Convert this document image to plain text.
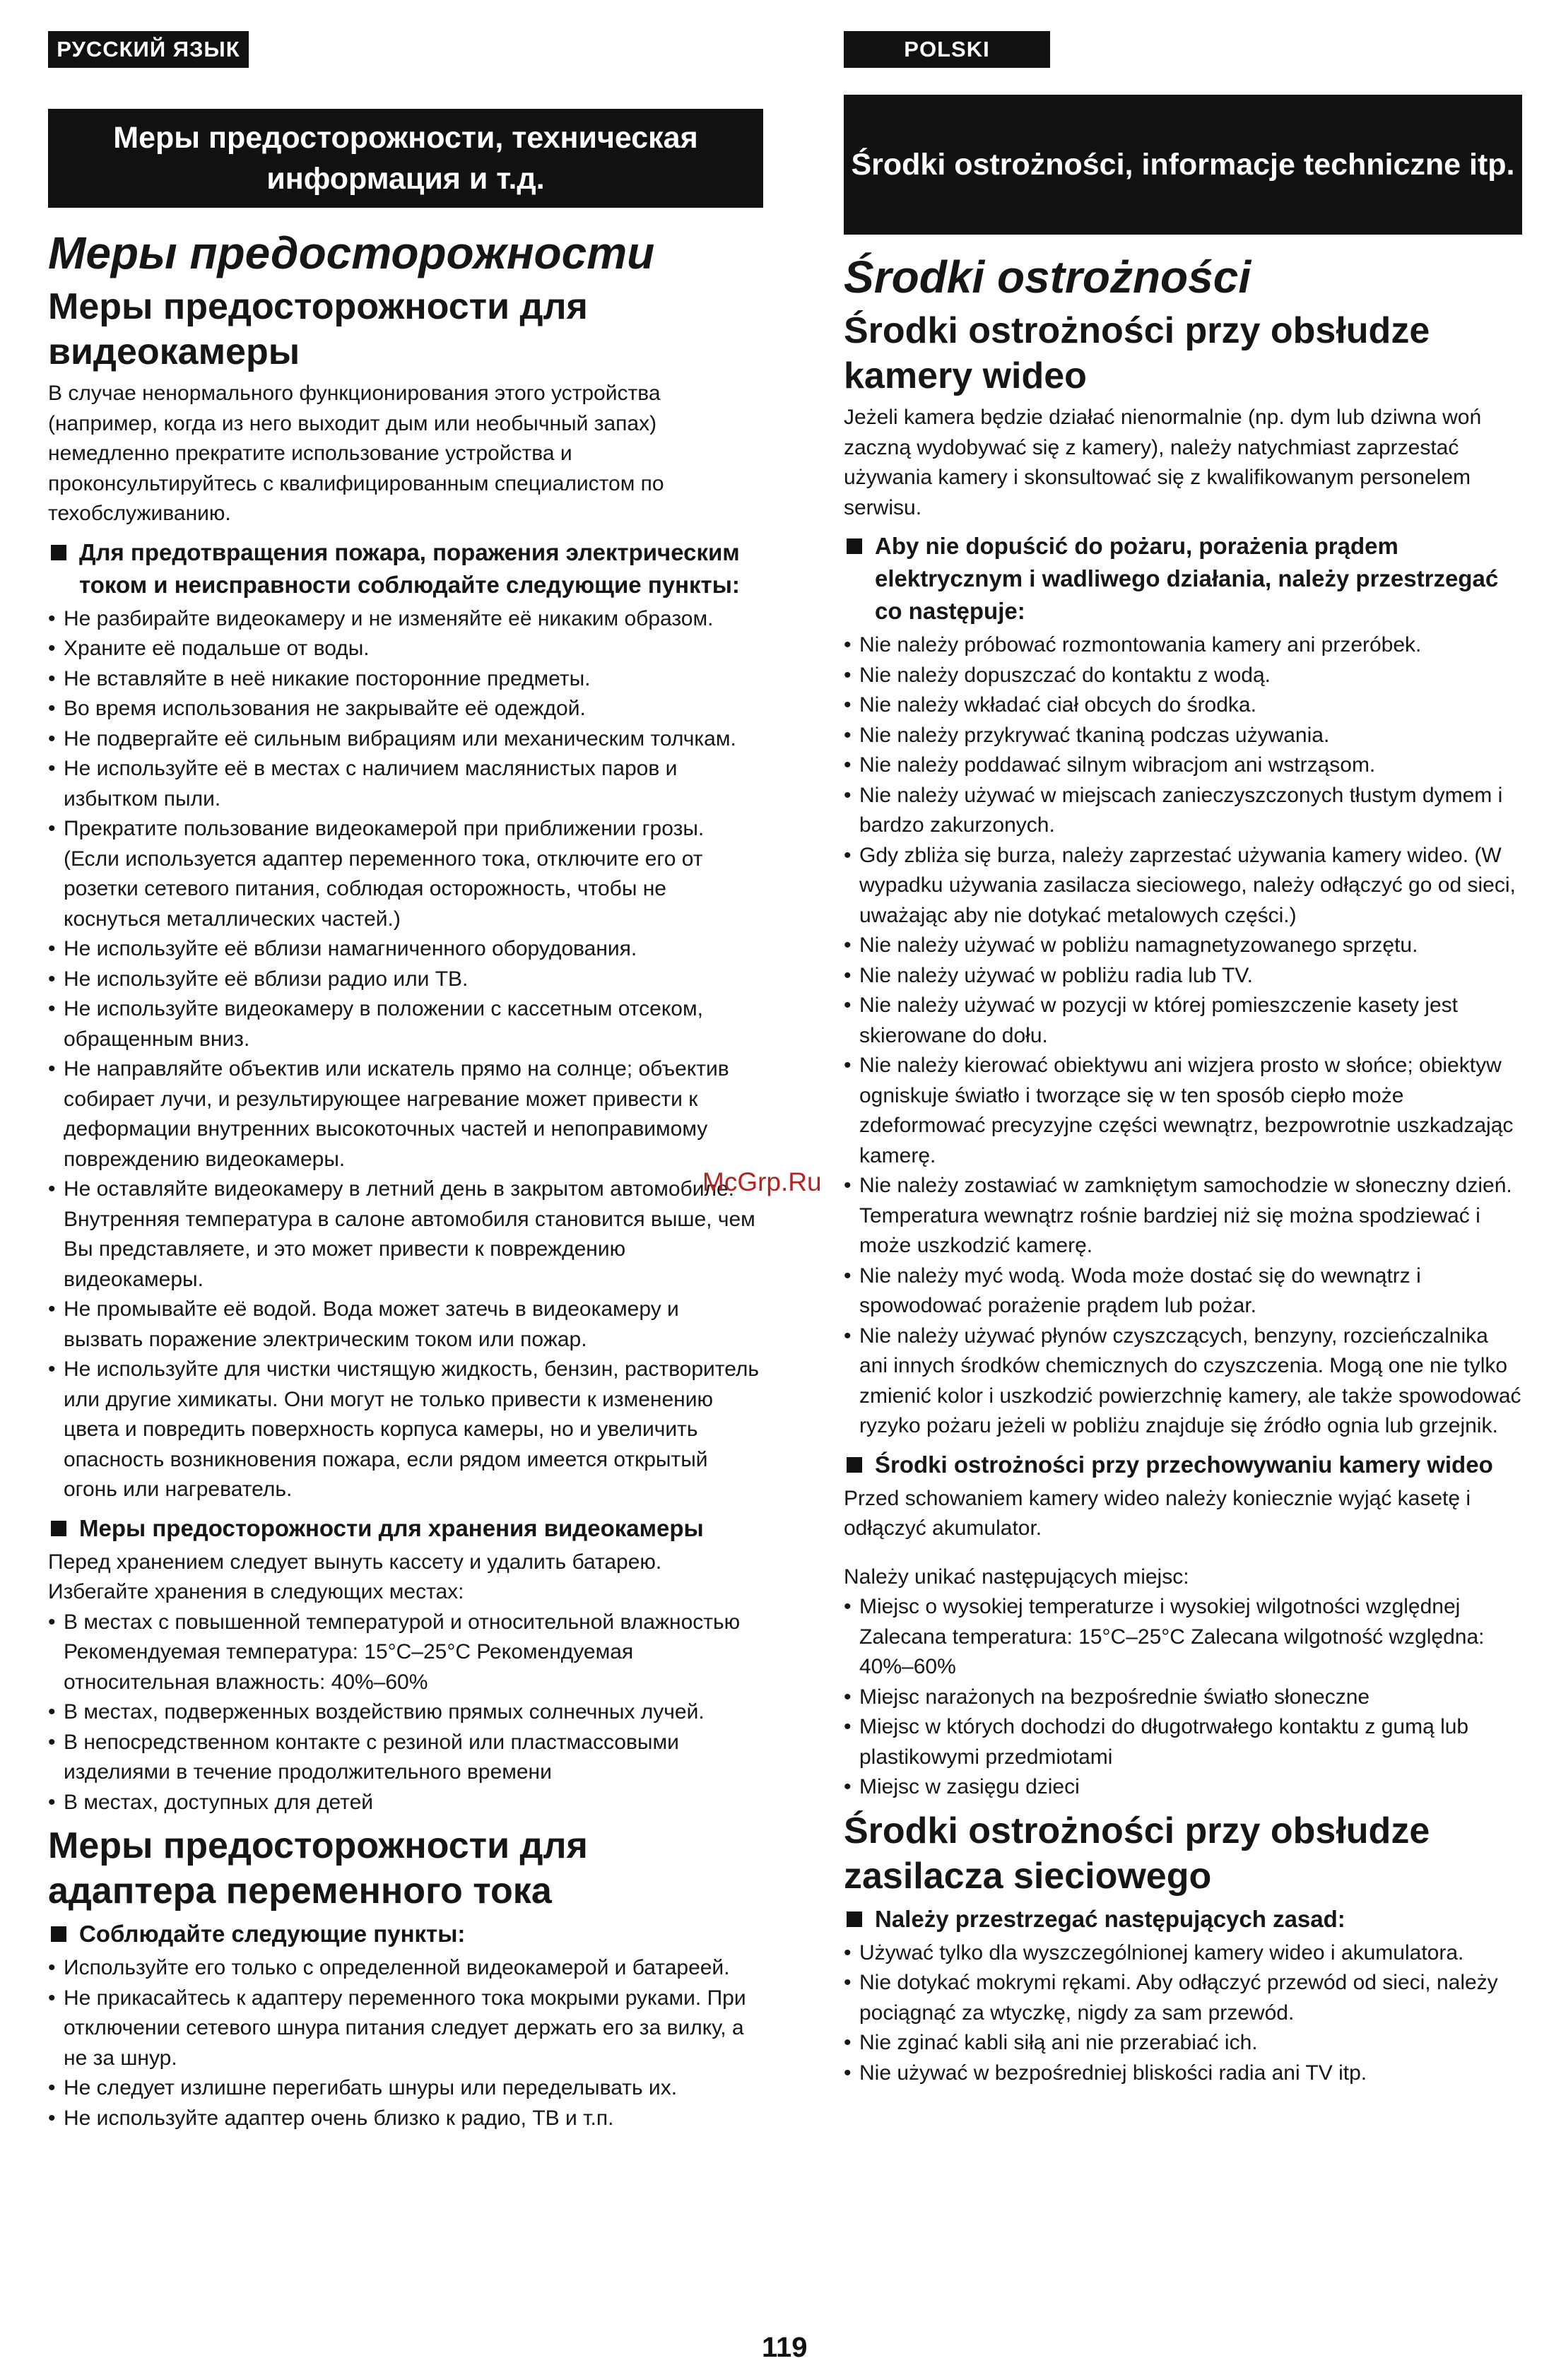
РУССКИЙ ЯЗЫК
Меры предосторожности, техническая информация и т.д.
Меры предосторожности
Меры предосторожности для видеокамеры

В случае ненормального функционирования этого устройства (например, когда из него выходит дым или необычный запах) немедленно прекратите использование устройства и проконсультируйтесь с квалифицированным специалистом по техобслуживанию.

Для предотвращения пожара, поражения электрическим током и неисправности соблюдайте следующие пункты:
• Не разбирайте видеокамеру и не изменяйте её никаким образом.
• Храните её подальше от воды.
• Не вставляйте в неё никакие посторонние предметы.
• Во время использования не закрывайте её одеждой.
• Не подвергайте её сильным вибрациям или механическим толчкам.
• Не используйте её в местах с наличием маслянистых паров и избытком пыли.
• Прекратите пользование видеокамерой при приближении грозы. (Если используется адаптер переменного тока, отключите его от розетки сетевого питания, соблюдая осторожность, чтобы не коснуться металлических частей.)
• Не используйте её вблизи намагниченного оборудования.
• Не используйте её вблизи радио или ТВ.
• Не используйте видеокамеру в положении с кассетным отсеком, обращенным вниз.
• Не направляйте объектив или искатель прямо на солнце; объектив собирает лучи, и результирующее нагревание может привести к деформации внутренних высокоточных частей и непоправимому повреждению видеокамеры.
• Не оставляйте видеокамеру в летний день в закрытом автомобиле. Внутренняя температура в салоне автомобиля становится выше, чем Вы представляете, и это может привести к повреждению видеокамеры.
• Не промывайте её водой. Вода может затечь в видеокамеру и вызвать поражение электрическим током или пожар.
• Не используйте для чистки чистящую жидкость, бензин, растворитель или другие химикаты. Они могут не только привести к изменению цвета и повредить поверхность корпуса камеры, но и увеличить опасность возникновения пожара, если рядом имеется открытый огонь или нагреватель.
Меры предосторожности для хранения видеокамеры

Перед хранением следует вынуть кассету и удалить батарею.

Избегайте хранения в следующих местах:

• В местах с повышенной температурой и относительной влажностью Рекомендуемая температура: 15°C–25°C Рекомендуемая относительная влажность: 40%–60%
• В местах, подверженных воздействию прямых солнечных лучей.
• В непосредственном контакте с резиной или пластмассовыми изделиями в течение продолжительного времени
• В местах, доступных для детей
Меры предосторожности для адаптера переменного тока
Соблюдайте следующие пункты:
• Используйте его только с определенной видеокамерой и батареей.
• Не прикасайтесь к адаптеру переменного тока мокрыми руками. При отключении сетевого шнура питания следует держать его за вилку, а не за шнур.
• Не следует излишне перегибать шнуры или переделывать их.
• Не используйте адаптер очень близко к радио, ТВ и т.п.
POLSKI
Środki ostrożności, informacje techniczne itp.
Środki ostrożności
Środki ostrożności przy obsłudze kamery wideo

Jeżeli kamera będzie działać nienormalnie (np. dym lub dziwna woń zaczną wydobywać się z kamery), należy natychmiast zaprzestać używania kamery i skonsultować się z kwalifikowanym personelem serwisu.

Aby nie dopuścić do pożaru, porażenia prądem elektrycznym i wadliwego działania, należy przestrzegać co następuje:
• Nie należy próbować rozmontowania kamery ani przeróbek.
• Nie należy dopuszczać do kontaktu z wodą.
• Nie należy wkładać ciał obcych do środka.
• Nie należy przykrywać tkaniną podczas używania.
• Nie należy poddawać silnym wibracjom ani wstrząsom.
• Nie należy używać w miejscach zanieczyszczonych tłustym dymem i bardzo zakurzonych.
• Gdy zbliża się burza, należy zaprzestać używania kamery wideo. (W wypadku używania zasilacza sieciowego, należy odłączyć go od sieci, uważając aby nie dotykać metalowych części.)
• Nie należy używać w pobliżu namagnetyzowanego sprzętu.
• Nie należy używać w pobliżu radia lub TV.
• Nie należy używać w pozycji w której pomieszczenie kasety jest skierowane do dołu.
• Nie należy kierować obiektywu ani wizjera prosto w słońce; obiektyw ogniskuje światło i tworzące się w ten sposób ciepło może zdeformować precyzyjne części wewnątrz, bezpowrotnie uszkadzając kamerę.
• Nie należy zostawiać w zamkniętym samochodzie w słoneczny dzień. Temperatura wewnątrz rośnie bardziej niż się można spodziewać i może uszkodzić kamerę.
• Nie należy myć wodą. Woda może dostać się do wewnątrz i spowodować porażenie prądem lub pożar.
• Nie należy używać płynów czyszczących, benzyny, rozcieńczalnika ani innych środków chemicznych do czyszczenia. Mogą one nie tylko zmienić kolor i uszkodzić powierzchnię kamery, ale także spowodować ryzyko pożaru jeżeli w pobliżu znajduje się źródło ognia lub grzejnik.
Środki ostrożności przy przechowywaniu kamery wideo

Przed schowaniem kamery wideo należy koniecznie wyjąć kasetę i odłączyć akumulator.

Należy unikać następujących miejsc:

• Miejsc o wysokiej temperaturze i wysokiej wilgotności względnej Zalecana temperatura: 15°C–25°C Zalecana wilgotność względna: 40%–60%
• Miejsc narażonych na bezpośrednie światło słoneczne
• Miejsc w których dochodzi do długotrwałego kontaktu z gumą lub plastikowymi przedmiotami
• Miejsc w zasięgu dzieci
Środki ostrożności przy obsłudze zasilacza sieciowego
Należy przestrzegać następujących zasad:
• Używać tylko dla wyszczególnionej kamery wideo i akumulatora.
• Nie dotykać mokrymi rękami. Aby odłączyć przewód od sieci, należy pociągnąć za wtyczkę, nigdy za sam przewód.
• Nie zginać kabli siłą ani nie przerabiać ich.
• Nie używać w bezpośredniej bliskości radia ani TV itp.
McGrp.Ru
119
